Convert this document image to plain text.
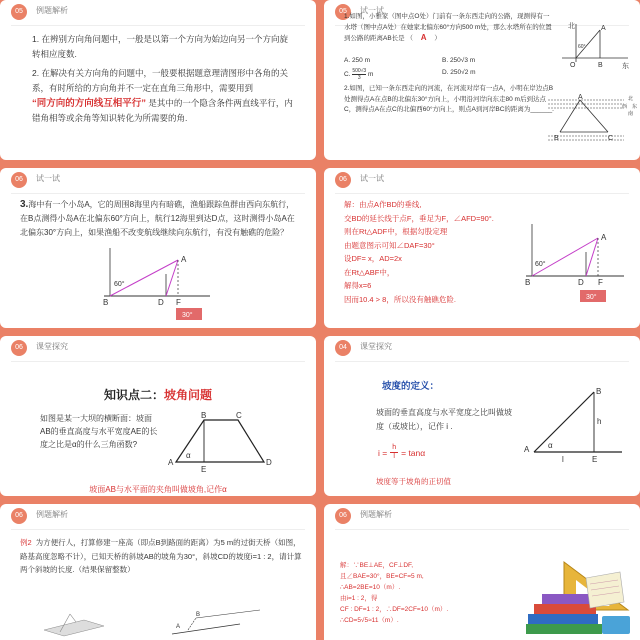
05	例题解析
1. 在辨别方向角问题中，一般是以第一个方向为始边向另一个方向旋转相应度数.
2. 在解决有关方向角的问题中，一般要根据题意理清图形中各角的关系，有时所给的方向角并不一定在直角三角形中，需要用到
“同方向的方向线互相平行” 是其中的一个隐含条件两直线平行，内错角相等或余角等知识转化为所需要的角.
05	试一试
1.如图，小雅家（图中点O处）门前有一条东西走向的公路，现测得有一水塔（图中点A处）在她家北偏东60°方向500 m处，那么水塔所在的位置到公路的距离AB长是 （ A ）
A. 250 m	B. 250√3 m
C. $\frac{500√3}{3}$ m	D. 250√2 m
2.如图，已知一条东西走向的河流，在河流对岸有一点A，小明在岸边点B处测得点A在点B的北偏东30°方向上，小明沿河岸向东走80 m后到达点C，测得点A在点C的北偏西60°方向上，则点A到河岸BC的距离为______.
北
东
A
B
O
60°
A
B	C
北
西 东
南
06	试一试
3.海中有一个小岛A，它的周围8海里内有暗礁，渔船跟踪鱼群由西向东航行，在B点测得小岛A在北偏东60°方向上，航行12海里到达D点，这时测得小岛A在北偏东30°方向上，如果渔船不改变航线继续向东航行，有没有触礁的危险？
30°
60°
A
B	D F
06	试一试
解：由点A作BD的垂线,
交BD的延长线于点F，垂足为F，∠AFD=90°.
则在Rt△ADF中，根据勾股定理
由题意图示可知∠DAF=30°
设DF= x，AD=2x
在Rt△ABF中，
解得x=6
因而10.4 > 8，所以没有触礁危险.	30°
60°
A
B	D F
06	课堂探究
知识点二：坡角问题
如图是某一大坝的横断面：坡面AB的垂直高度与水平宽度AE的长度之比是α的什么三角函数?
B	C
A	D
E
α
坡面AB与水平面的夹角叫做坡角,记作α
04	课堂探究
坡度的定义：
坡面的垂直高度与水平宽度之比叫做坡度（或坡比），记作 i .
$i = \frac{h}{l} = \tan\alpha$
坡度等于坡角的正切值
B
A
E
h
l
α
06	例题解析
例2 为方便行人，打算修建一座高（即点B到路面的距离）为5 m的过街天桥（如图，路基高度忽略不计），已知天桥的斜坡AB的坡角为30°，斜坡CD的坡度i=1 : 2，请计算两个斜坡的长度.（结果保留整数）
A
B
06	例题解析
解：∵BE⊥AE，CF⊥DF,
且∠BAE=30°，BE=CF=5 m,
∴AB=2BE=10（m）.
由i=1 : 2，得
CF : DF=1 : 2，∴DF=2CF=10（m）.
∴CD=5√5≈11（m）.
